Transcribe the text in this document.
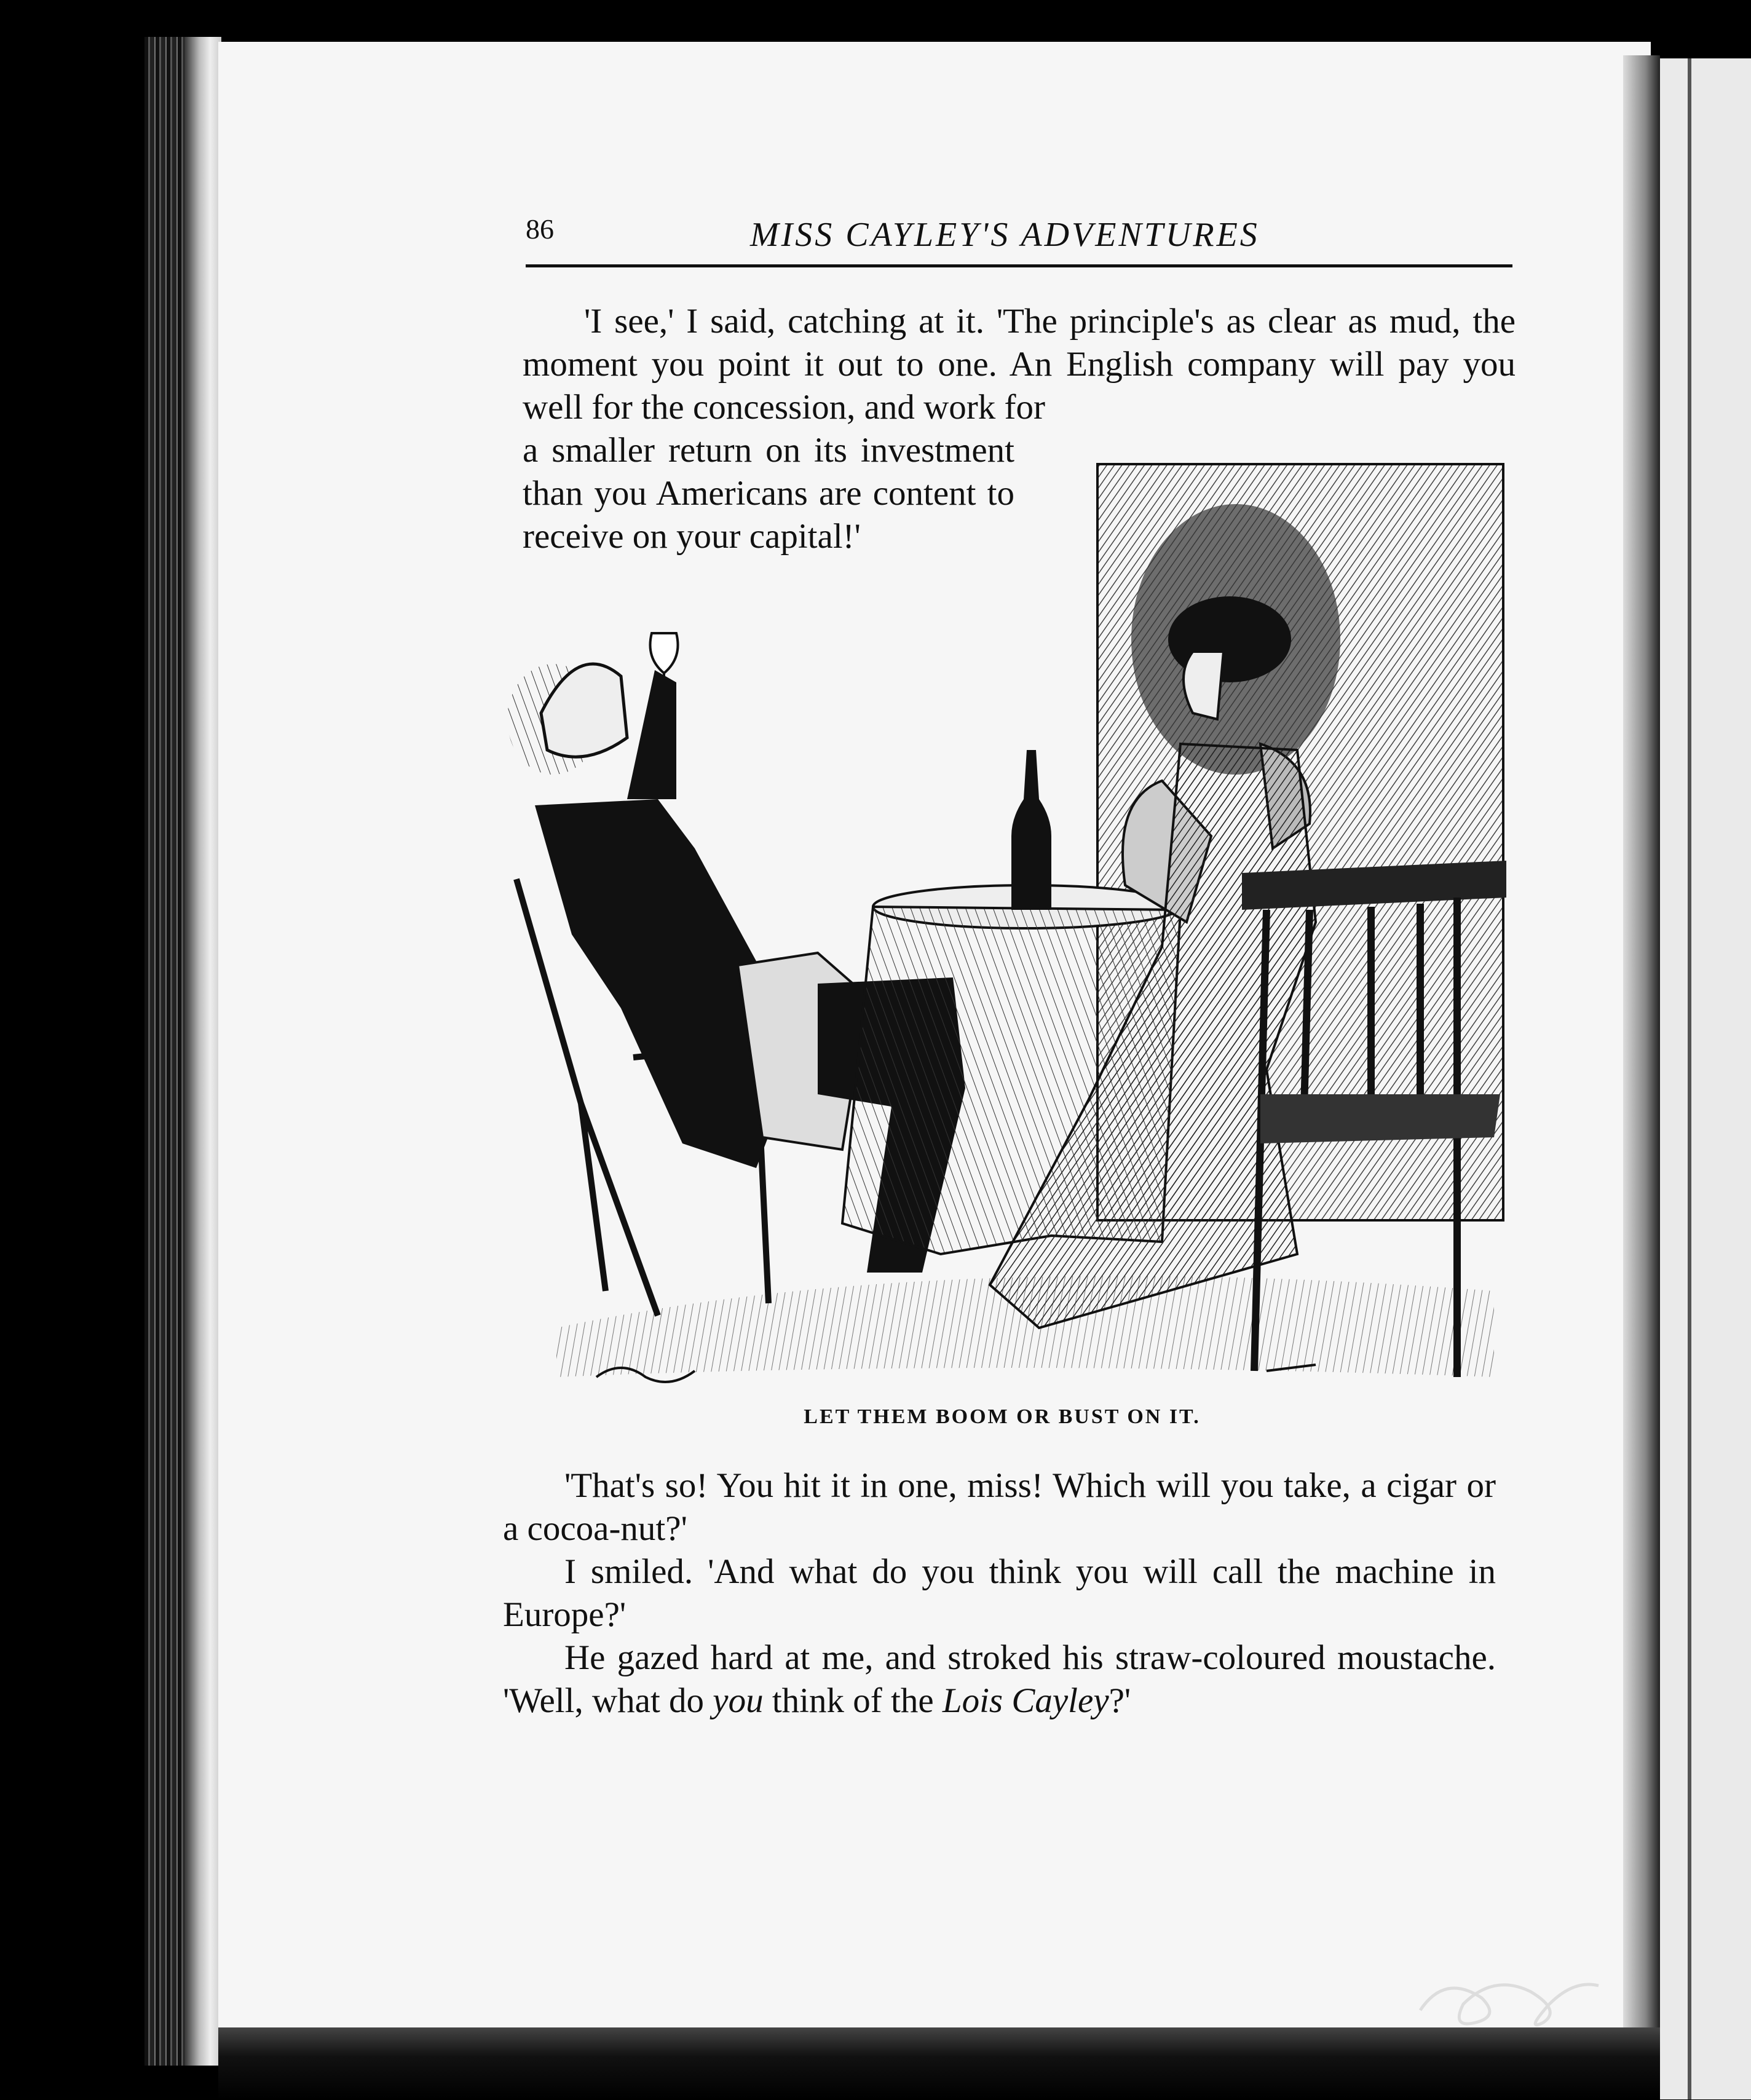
86	MISS CAYLEY'S ADVENTURES

'I see,' I said, catching at it. 'The principle's as clear as mud, the moment you point it out to one. An English company will pay you well for the concession, and work for

a smaller return on its investment than you Americans are content to receive on your capital!'

LET THEM BOOM OR BUST ON IT.

'That's so! You hit it in one, miss! Which will you take, a cigar or a cocoa-nut?'

I smiled. 'And what do you think you will call the machine in Europe?'

He gazed hard at me, and stroked his straw-coloured moustache. 'Well, what do you think of the Lois Cayley?'
